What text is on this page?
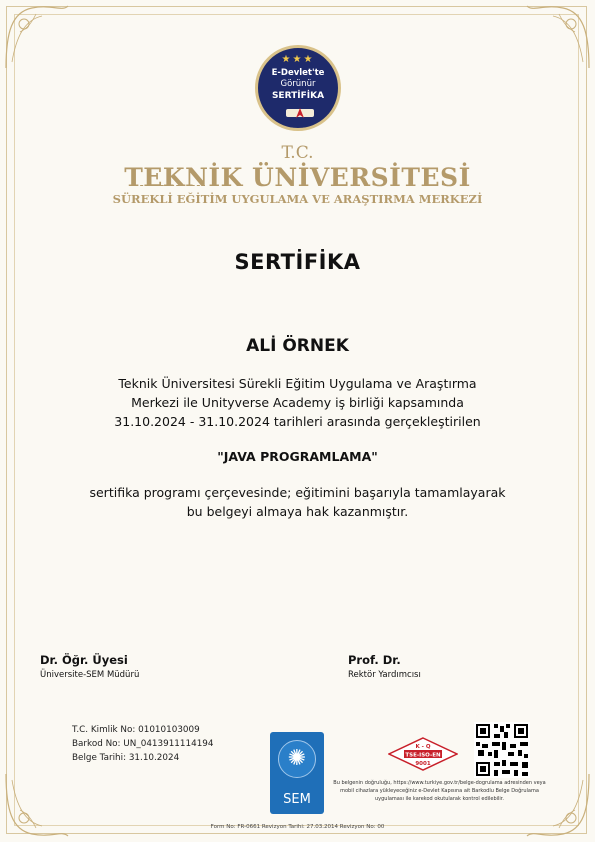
★★★
E-Devlet'te
Görünür
SERTİFİKA
T.C.
TEKNİK ÜNİVERSİTESİ
SÜREKLİ EĞİTİM UYGULAMA VE ARAŞTIRMA MERKEZİ
SERTİFİKA
ALİ ÖRNEK
Teknik Üniversitesi Sürekli Eğitim Uygulama ve Araştırma
Merkezi ile Unityverse Academy iş birliği kapsamında
31.10.2024 - 31.10.2024 tarihleri arasında gerçekleştirilen
"JAVA PROGRAMLAMA"
sertifika programı çerçevesinde; eğitimini başarıyla tamamlayarak
bu belgeyi almaya hak kazanmıştır.
Dr. Öğr. Üyesi
Üniversite-SEM Müdürü
Prof. Dr.
Rektör Yardımcısı
T.C. Kimlik No: 01010103009
Barkod No: UN_0413911114194
Belge Tarihi: 31.10.2024	✺
SEM
K - Q
TSE-ISO-EN
9001
Bu belgenin doğruluğu, https://www.turkiye.gov.tr/belge-dogrulama adresinden veya
mobil cihazlara yükleyeceğiniz e-Devlet Kapısına ait Barkodlu Belge Doğrulama
uygulaması ile karekod okutularak kontrol edilebilir.
Form No: FR-0661 Revizyon Tarihi: 27.03.2014 Revizyon No: 00
